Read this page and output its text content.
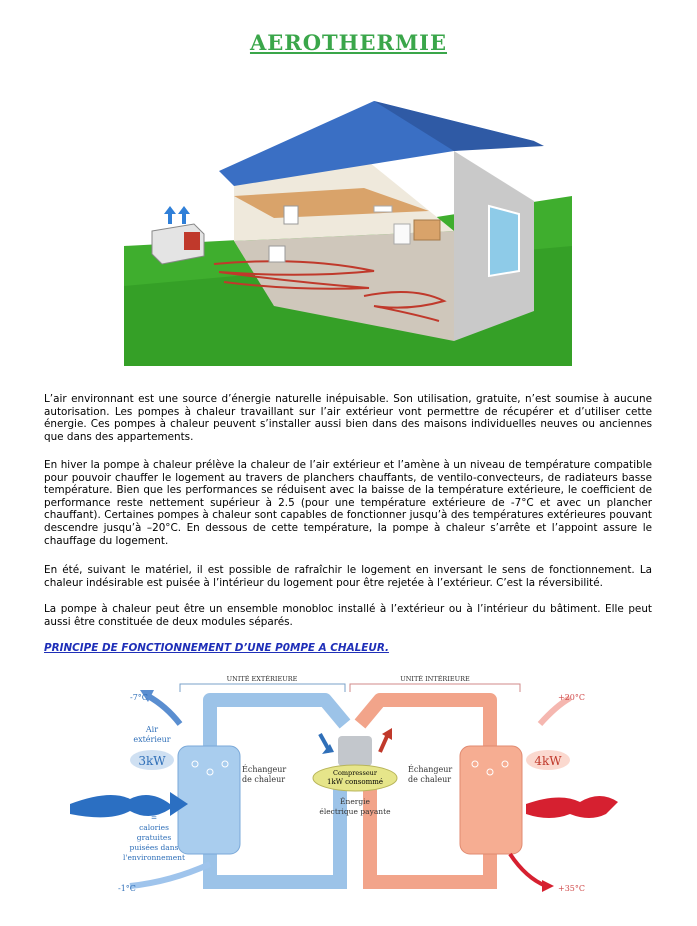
AEROTHERMIE

L’air environnant est une source d’énergie naturelle inépuisable. Son utilisation, gratuite, n’est soumise à aucune autorisation. Les pompes à chaleur travaillant sur l’air extérieur vont permettre de récupérer et d’utiliser cette énergie. Ces pompes à chaleur peuvent s’installer aussi bien dans des maisons individuelles neuves ou anciennes que dans des appartements.

En hiver la pompe à chaleur prélève la chaleur de l’air extérieur et l’amène à un niveau de température compatible pour pouvoir chauffer le logement au travers de planchers chauffants, de ventilo-convecteurs, de radiateurs basse température. Bien que les performances se réduisent avec la baisse de la température extérieure, le coefficient de performance reste nettement supérieur à 2.5 (pour une température extérieure de -7°C et avec un plancher chauffant). Certaines pompes à chaleur sont capables de fonctionner jusqu’à des températures extérieures pouvant descendre jusqu’à –20°C. En dessous de cette température, la pompe à chaleur s’arrête et l’appoint assure le chauffage du logement.

En été, suivant le matériel, il est possible de rafraîchir le logement en inversant le sens de fonctionnement. La chaleur indésirable est puisée à l’intérieur du logement pour être rejetée à l’extérieur. C’est la réversibilité.

La pompe à chaleur peut être un ensemble monobloc installé à l’extérieur ou à l’intérieur du bâtiment. Elle peut aussi être constituée de deux modules séparés.

PRINCIPE DE FONCTIONNEMENT D’UNE P0MPE A CHALEUR.
UNITÉ EXTÉRIEURE	UNITÉ INTÉRIEURE
Compresseur
1kW consommé
Énergie
électrique payante
-7°C
-1°C
+20°C
+35°C
Air
extérieur
3kW	4kW
Échangeur
de chaleur
Échangeur
de chaleur
=
calories
gratuites
puisées dans
l'environnement
